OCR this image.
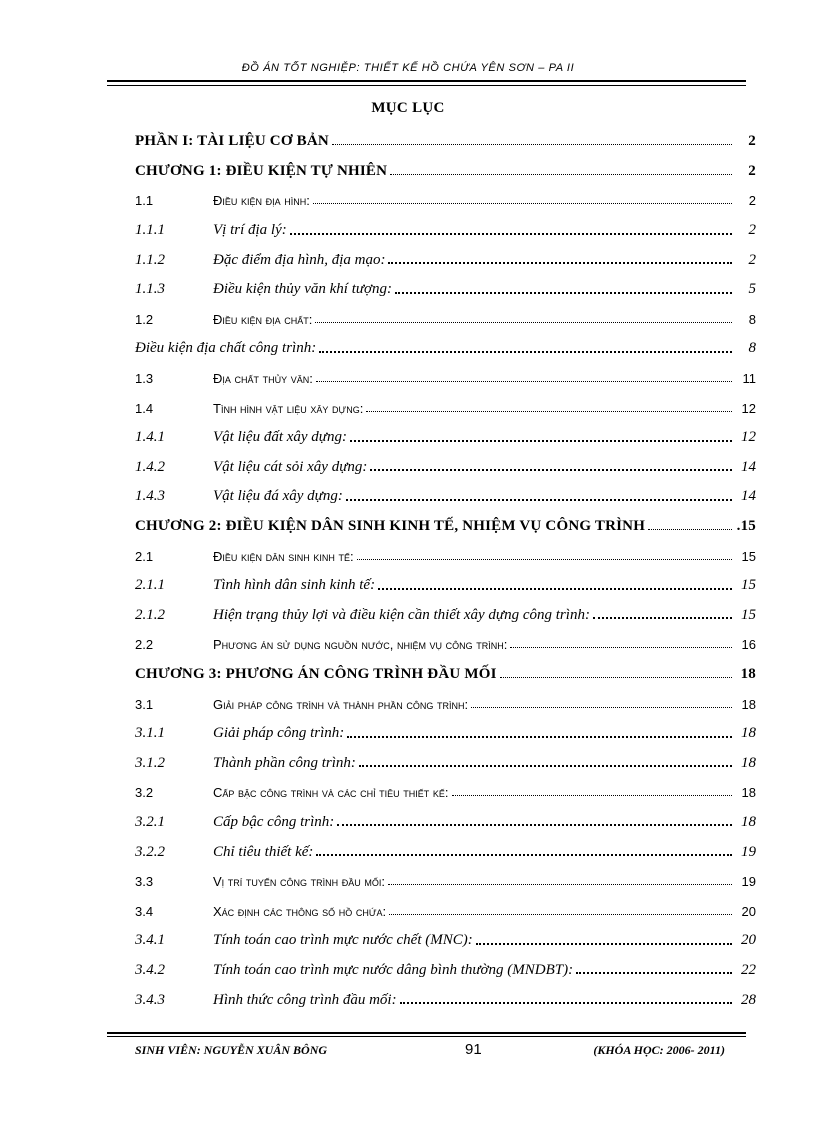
ĐỒ ÁN TỐT NGHIỆP: THIẾT KẾ HỒ CHỨA YÊN SƠN – PA II
MỤC LỤC
PHẦN I: TÀI LIỆU CƠ BẢN	2
CHƯƠNG 1: ĐIỀU KIỆN TỰ NHIÊN	2
1.1	Điều kiện địa hình:	2
1.1.1	Vị trí địa lý:	2
1.1.2	Đặc điểm địa hình, địa mạo:	2
1.1.3	Điều kiện thủy văn khí tượng:	5
1.2	Điều kiện địa chất:	8
Điều kiện địa chất công trình:	8
1.3	Địa chất thủy văn:	11
1.4	Tình hình vật liệu xây dựng:	12
1.4.1	Vật liệu đất xây dựng:	12
1.4.2	Vật liệu cát sỏi xây dựng:	14
1.4.3	Vật liệu đá xây dựng:	14
CHƯƠNG 2: ĐIỀU KIỆN DÂN SINH KINH TẾ, NHIỆM VỤ CÔNG TRÌNH	.15
2.1	Điều kiện dân sinh kinh tế:	15
2.1.1	Tình hình dân sinh kinh tế:	15
2.1.2	Hiện trạng thủy lợi và điều kiện cần thiết xây dựng công trình:	15
2.2	Phương án sử dụng nguồn nước, nhiệm vụ công trình:	16
CHƯƠNG 3: PHƯƠNG ÁN CÔNG TRÌNH ĐẦU MỐI	18
3.1	Giải pháp công trình và thành phần công trình:	18
3.1.1	Giải pháp công trình:	18
3.1.2	Thành phần công trình:	18
3.2	Cấp bậc công trình và các chỉ tiêu thiết kế:	18
3.2.1	Cấp bậc công trình:	18
3.2.2	Chỉ tiêu thiết kế:	19
3.3	Vị trí tuyến công trình đầu mối:	19
3.4	Xác định các thông số hồ chứa:	20
3.4.1	Tính toán cao trình mực nước chết (MNC):	20
3.4.2	Tính toán cao trình mực nước dâng bình thường (MNDBT):	22
3.4.3	Hình thức công trình đầu mối:	28
SINH VIÊN: NGUYỄN XUÂN BÔNG	91	(KHÓA HỌC: 2006- 2011)
